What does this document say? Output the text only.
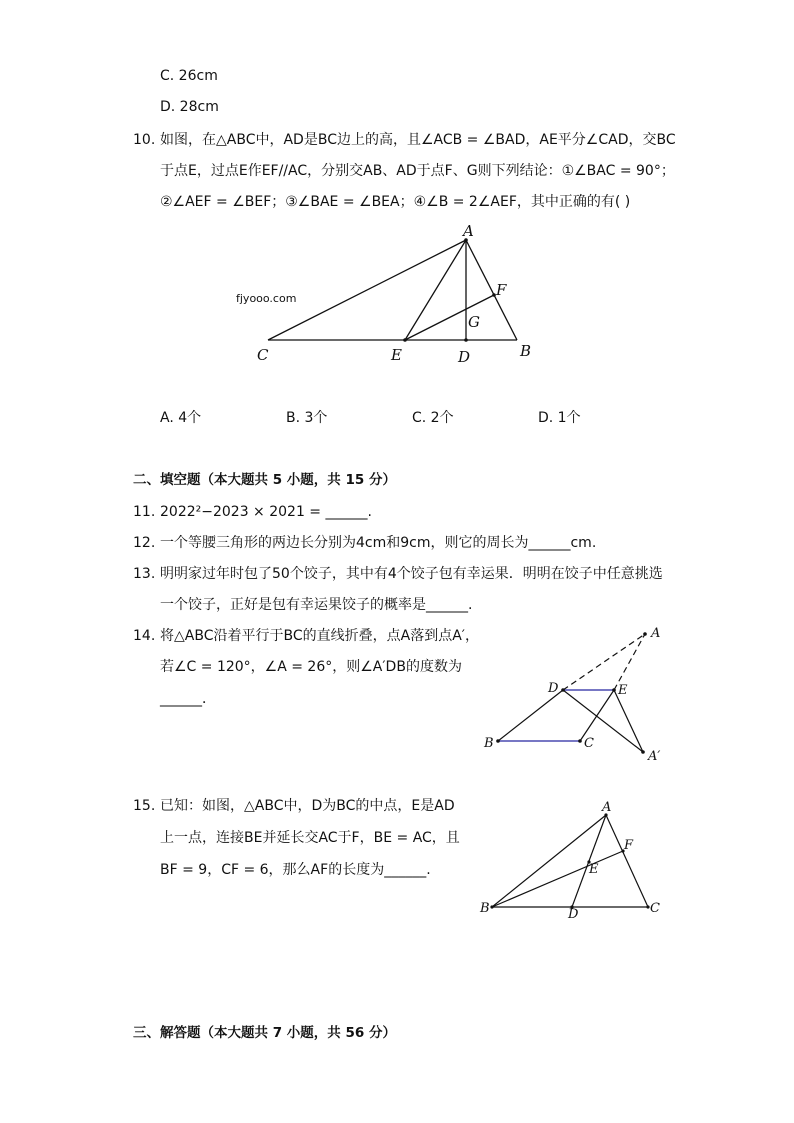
C. 26cm
D. 28cm
10. 如图，在△ABC中，AD是BC边上的高，且∠ACB = ∠BAD，AE平分∠CAD，交BC
于点E，过点E作EF//AC，分别交AB、AD于点F、G则下列结论：①∠BAC = 90°；
②∠AEF = ∠BEF；③∠BAE = ∠BEA；④∠B = 2∠AEF，其中正确的有( )
fjyooo.com
A
F
G
C	E	D	B
A. 4个	B. 3个	C. 2个	D. 1个
二、填空题（本大题共 5 小题，共 15 分）
11. 2022²−2023 × 2021 = ______.
12. 一个等腰三角形的两边长分别为4cm和9cm，则它的周长为______cm.
13. 明明家过年时包了50个饺子，其中有4个饺子包有幸运果．明明在饺子中任意挑选
一个饺子，正好是包有幸运果饺子的概率是______.
14. 将△ABC沿着平行于BC的直线折叠，点A落到点A′，
若∠C = 120°，∠A = 26°，则∠A′DB的度数为
______．
A
D	E
B	C
A′
15. 已知：如图，△ABC中，D为BC的中点，E是AD
上一点，连接BE并延长交AC于F，BE = AC，且
BF = 9，CF = 6，那么AF的长度为______.
A
F
E
B	D	C
三、解答题（本大题共 7 小题，共 56 分）
